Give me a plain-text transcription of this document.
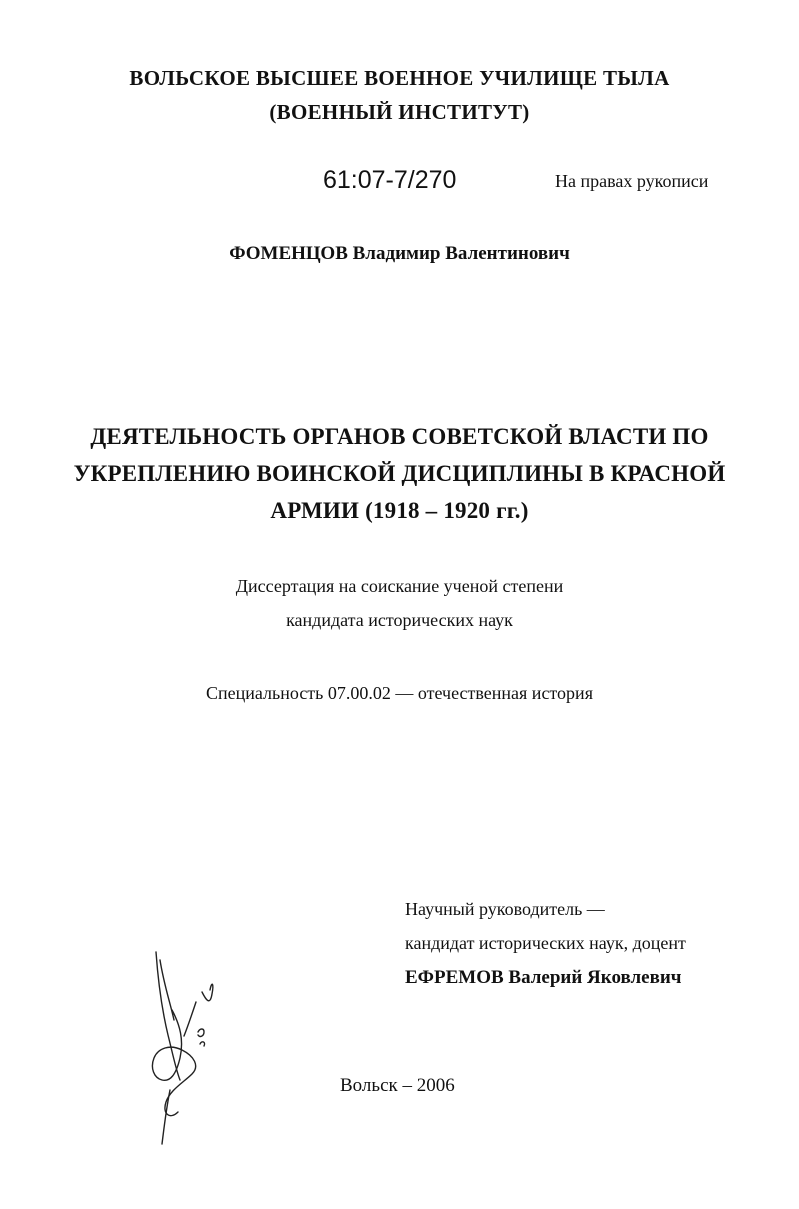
ВОЛЬСКОЕ ВЫСШЕЕ ВОЕННОЕ УЧИЛИЩЕ ТЫЛА
(ВОЕННЫЙ ИНСТИТУТ)
61:07-7/270	На правах рукописи
ФОМЕНЦОВ Владимир Валентинович
ДЕЯТЕЛЬНОСТЬ ОРГАНОВ СОВЕТСКОЙ ВЛАСТИ ПО
УКРЕПЛЕНИЮ ВОИНСКОЙ ДИСЦИПЛИНЫ В КРАСНОЙ
АРМИИ (1918 – 1920 гг.)
Диссертация на соискание ученой степени
кандидата исторических наук
Специальность 07.00.02 — отечественная история
Научный руководитель —
кандидат исторических наук, доцент
ЕФРЕМОВ Валерий Яковлевич
Вольск – 2006
